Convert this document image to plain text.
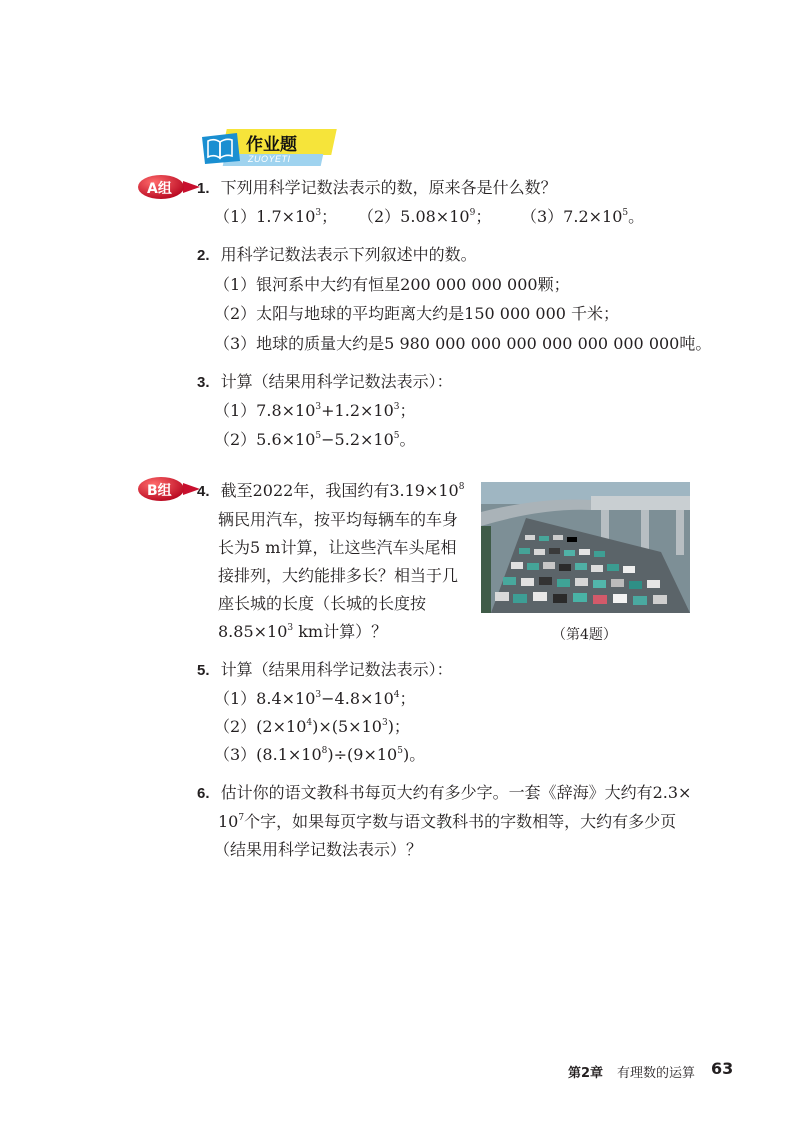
作业题
ZUOYETI
A组 1. 下列用科学记数法表示的数，原来各是什么数？
$(1)1.7\times 10^3$； $(2)5.08\times 10^9$； $(3)7.2\times 10^5$。
2. 用科学记数法表示下列叙述中的数。
（1）银河系中大约有恒星200 000 000 000颗；
（2）太阳与地球的平均距离大约是150 000 000 千米；
（3）地球的质量大约是5 980 000 000 000 000 000 000 000吨。
3. 计算（结果用科学记数法表示）：
$(1)7.8\times 10^3+1.2\times 10^3$；
$(2)5.6\times 10^5-5.2\times 10^5$。
B组 4. 截至2022年，我国约有$3.19\times 10^8$
辆民用汽车，按平均每辆车的车身
长为5 m计算，让这些汽车头尾相
接排列，大约能排多长？相当于几
座长城的长度（长城的长度按
$8.85\times 10^3$ km计算）？	（第4题）
5. 计算（结果用科学记数法表示）：
$(1)8.4\times 10^3-4.8\times 10^4$；
$(2)(2\times 10^4)\times(5\times 10^3)$；
$(3)(8.1\times 10^8)\div(9\times 10^5)$。
6. 估计你的语文教科书每页大约有多少字。一套《辞海》大约有2.3×
$10^7$个字，如果每页字数与语文教科书的字数相等，大约有多少页
（结果用科学记数法表示）？
第2章 有理数的运算 63
